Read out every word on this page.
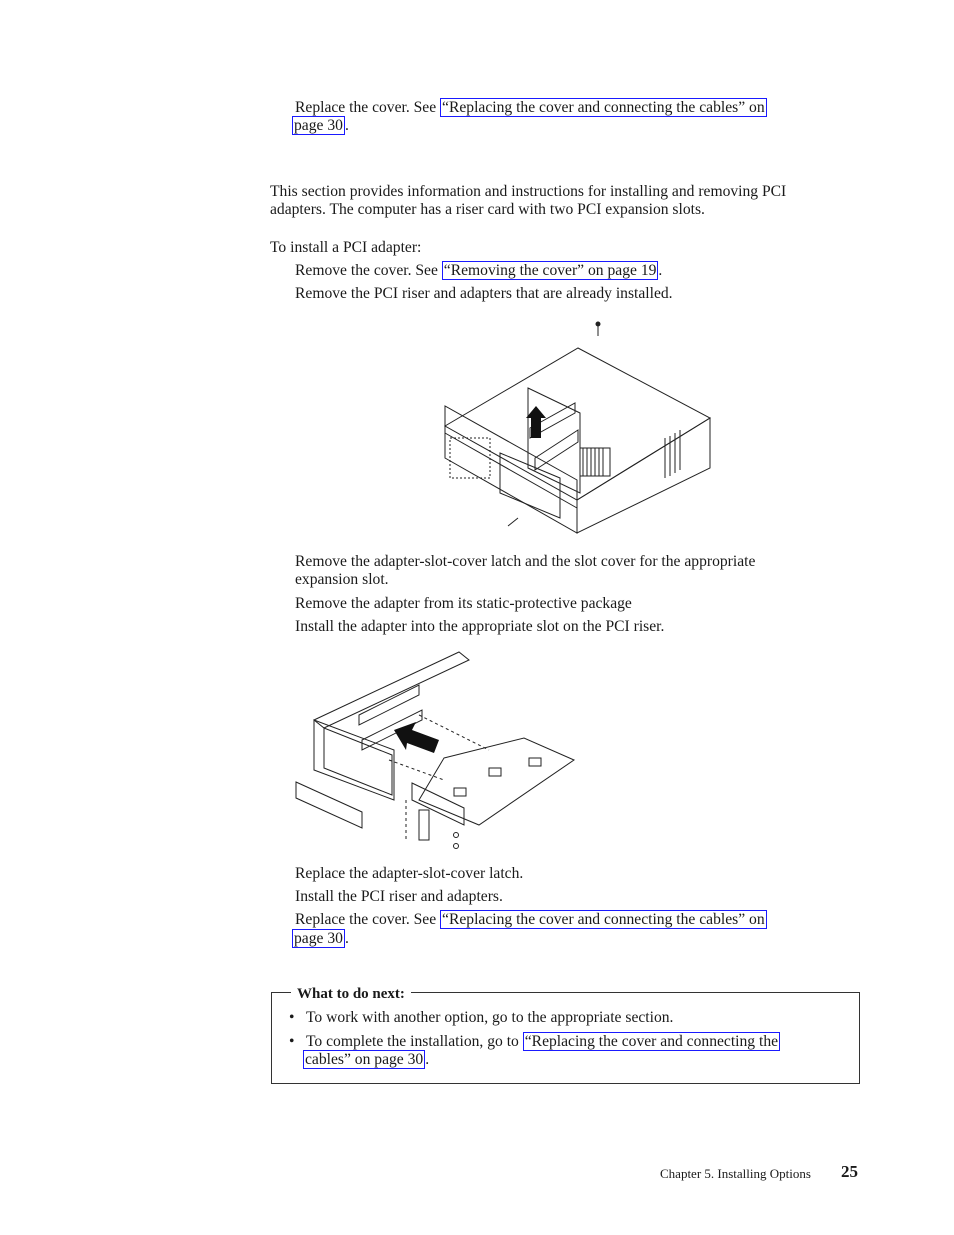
Replace the cover. See “Replacing the cover and connecting the cables” on
page 30 .
This section provides information and instructions for installing and removing PCI
adapters. The computer has a riser card with two PCI expansion slots.
To install a PCI adapter:
Remove the cover. See “Removing the cover” on page 19 .
Remove the PCI riser and adapters that are already installed.
Remove the adapter-slot-cover latch and the slot cover for the appropriate
expansion slot.
Remove the adapter from its static-protective package
Install the adapter into the appropriate slot on the PCI riser.
Replace the adapter-slot-cover latch.
Install the PCI riser and adapters.
Replace the cover. See “Replacing the cover and connecting the cables” on
page 30 .
What to do next:
• To work with another option, go to the appropriate section.
• To complete the installation, go to “Replacing the cover and connecting the
cables” on page 30 .
Chapter 5. Installing Options 25
